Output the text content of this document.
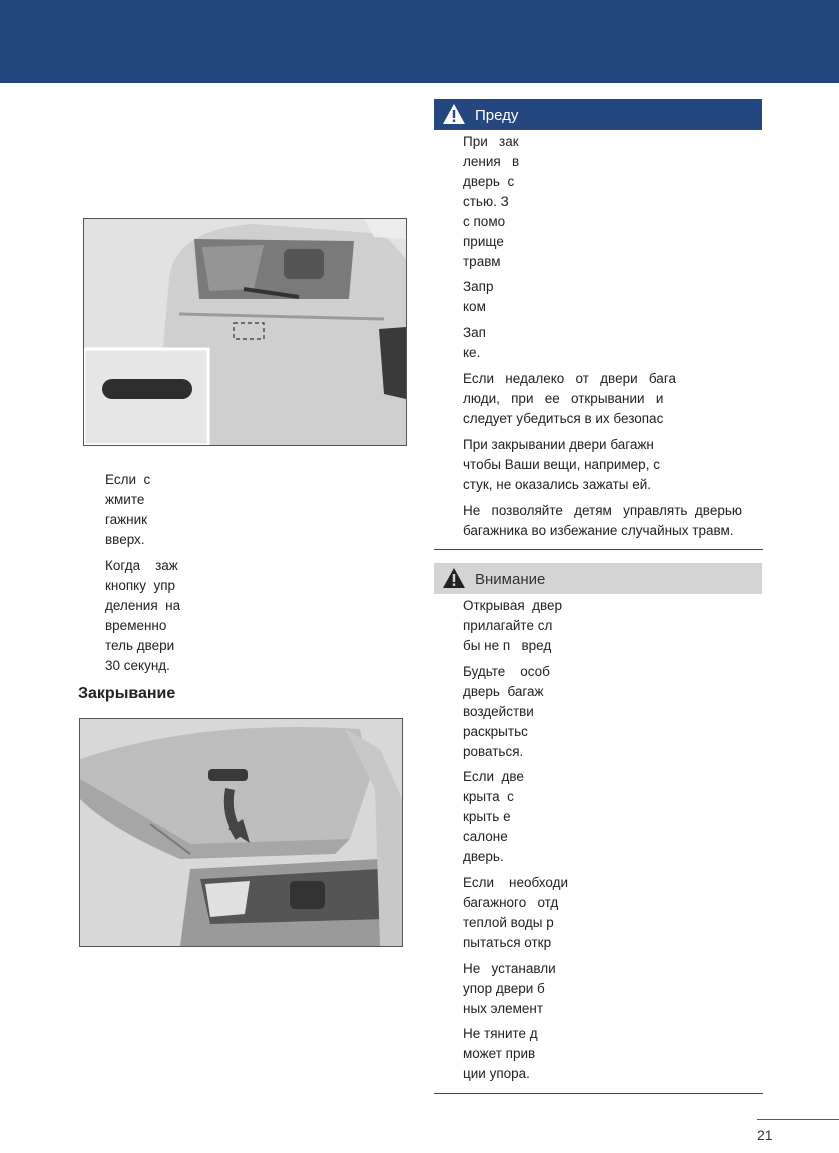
Если  с
жмите
гажник
вверх.
Когда    заж
кнопку  упр
деления  на
временно
тель двери
30 секунд.
Закрывание
Преду
При   зак
ления   в
дверь  с
стью. З
с помо
прище
травм
Запр
ком
Зап
ке.
Если   недалеко   от   двери   бага
люди,   при   ее   открывании   и
следует убедиться в их безопас
При закрывании двери багажн
чтобы Ваши вещи, например, с
стук, не оказались зажаты ей.
Не   позволяйте   детям   управлять  дверью
багажника во избежание случайных травм.
Внимание
Открывая  двер
прилагайте сл
бы не п   вред
Будьте    особ
дверь  багаж
воздействи
раскрытьс
роваться.
Если  две
крыта  с
крыть е
салоне
дверь.
Если    необходи
багажного   отд
теплой воды р
пытаться откр
Не   устанавли
упор двери б
ных элемент
Не тяните д
может прив
ции упора.
21
